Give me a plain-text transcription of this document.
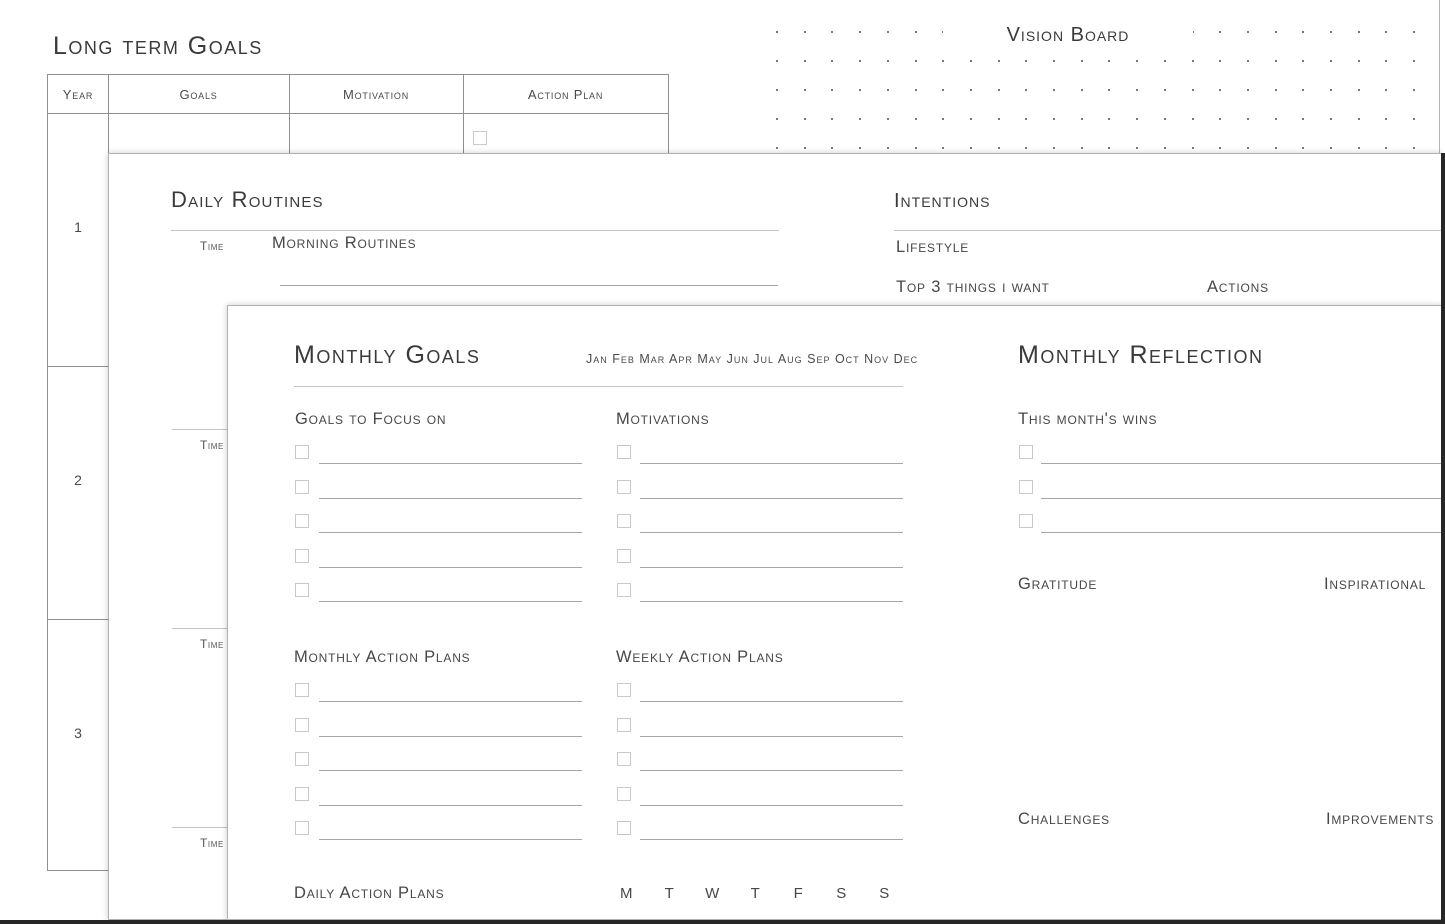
Long term Goals
Year	Goals	Motivation	Action Plan
1
2
3
Vision Board
Daily Routines
Time	Morning Routines
Time
Time
Time
Intentions
Lifestyle
Top 3 things i want	Actions
Monthly Goals	Jan Feb Mar Apr May Jun Jul Aug Sep Oct Nov Dec
Goals to Focus on	Motivations
Monthly Action Plans	Weekly Action Plans
Daily Action Plans	M T W T F S S
Monthly Reflection
This month's wins
Gratitude	Inspirational
Challenges	Improvements
